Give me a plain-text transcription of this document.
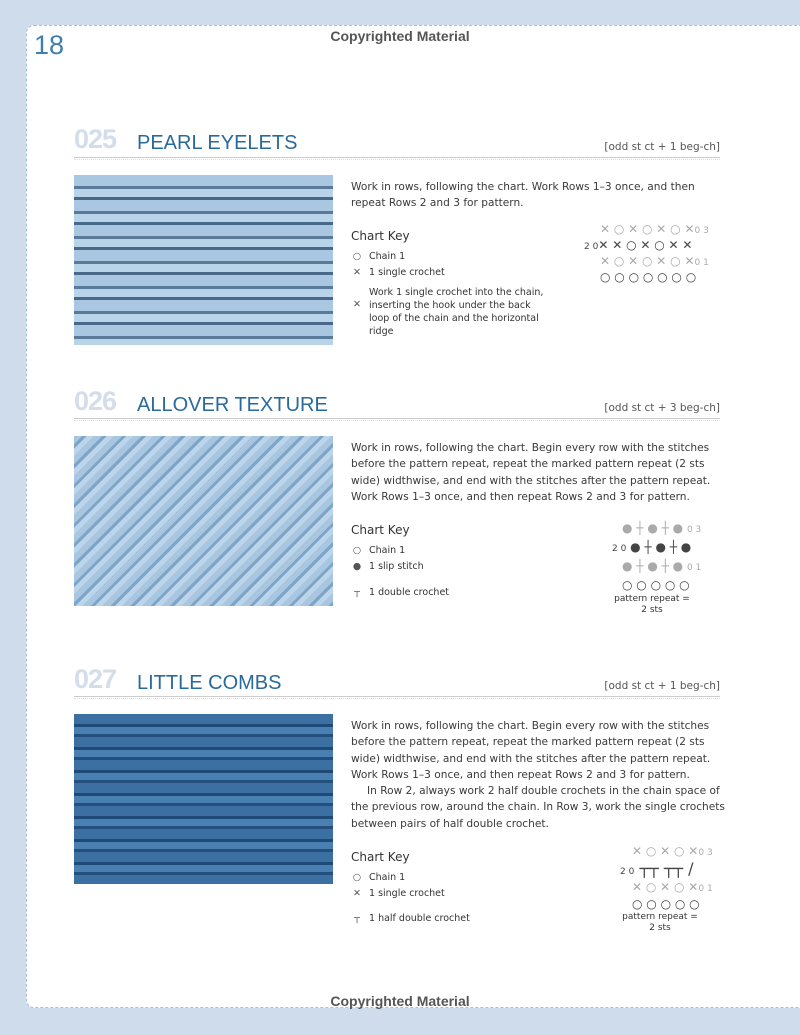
18	Copyrighted Material
Copyrighted Material
025 PEARL EYELETS	[odd st ct + 1 beg-ch]

Work in rows, following the chart. Work Rows 1–3 once, and then repeat Rows 2 and 3 for pattern.

Chart Key
○ Chain 1
✕ 1 single crochet
✕
Work 1 single crochet into the chain, inserting the hook under the back loop of the chain and the horizontal ridge
✕ ○ ✕ ○ ✕ ○ ✕0 3
2 0✕ ✕ ○ ✕ ○ ✕ ✕
✕ ○ ✕ ○ ✕ ○ ✕0 1
○ ○ ○ ○ ○ ○ ○
026 ALLOVER TEXTURE	[odd st ct + 3 beg-ch]

Work in rows, following the chart. Begin every row with the stitches before the pattern repeat, repeat the marked pattern repeat (2 sts wide) widthwise, and end with the stitches after the pattern repeat. Work Rows 1–3 once, and then repeat Rows 2 and 3 for pattern.

Chart Key
○ Chain 1
● 1 slip stitch
┬ 1 double crochet
● ┼ ● ┼ ● 0 3
2 0 ● ┼ ● ┼ ●
● ┼ ● ┼ ● 0 1
○ ○ ○ ○ ○
pattern repeat =
2 sts
027 LITTLE COMBS	[odd st ct + 1 beg-ch]

Work in rows, following the chart. Begin every row with the stitches before the pattern repeat, repeat the marked pattern repeat (2 sts wide) widthwise, and end with the stitches after the pattern repeat. Work Rows 1–3 once, and then repeat Rows 2 and 3 for pattern.

In Row 2, always work 2 half double crochets in the chain space of the previous row, around the chain. In Row 3, work the single crochets between pairs of half double crochet.

Chart Key
○ Chain 1
✕ 1 single crochet
┬ 1 half double crochet
✕ ○ ✕ ○ ✕0 3
2 0 ┬┬ ┬┬ /
✕ ○ ✕ ○ ✕0 1
○ ○ ○ ○ ○
pattern repeat =
2 sts
